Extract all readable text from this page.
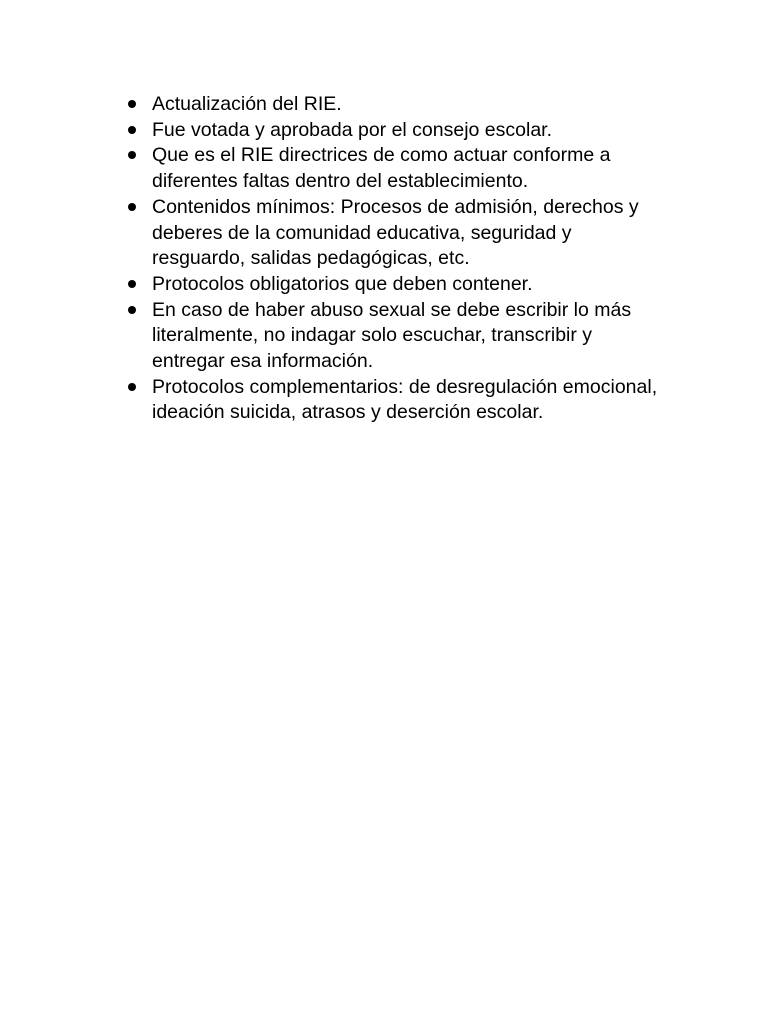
Actualización del RIE.
Fue votada y aprobada por el consejo escolar.
Que es el RIE directrices de como actuar conforme a diferentes faltas dentro del establecimiento.
Contenidos mínimos: Procesos de admisión, derechos y deberes de la comunidad educativa, seguridad y resguardo, salidas pedagógicas, etc.
Protocolos obligatorios que deben contener.
En caso de haber abuso sexual se debe escribir lo más literalmente, no indagar solo escuchar, transcribir y entregar esa información.
Protocolos complementarios: de desregulación emocional, ideación suicida, atrasos y deserción escolar.
